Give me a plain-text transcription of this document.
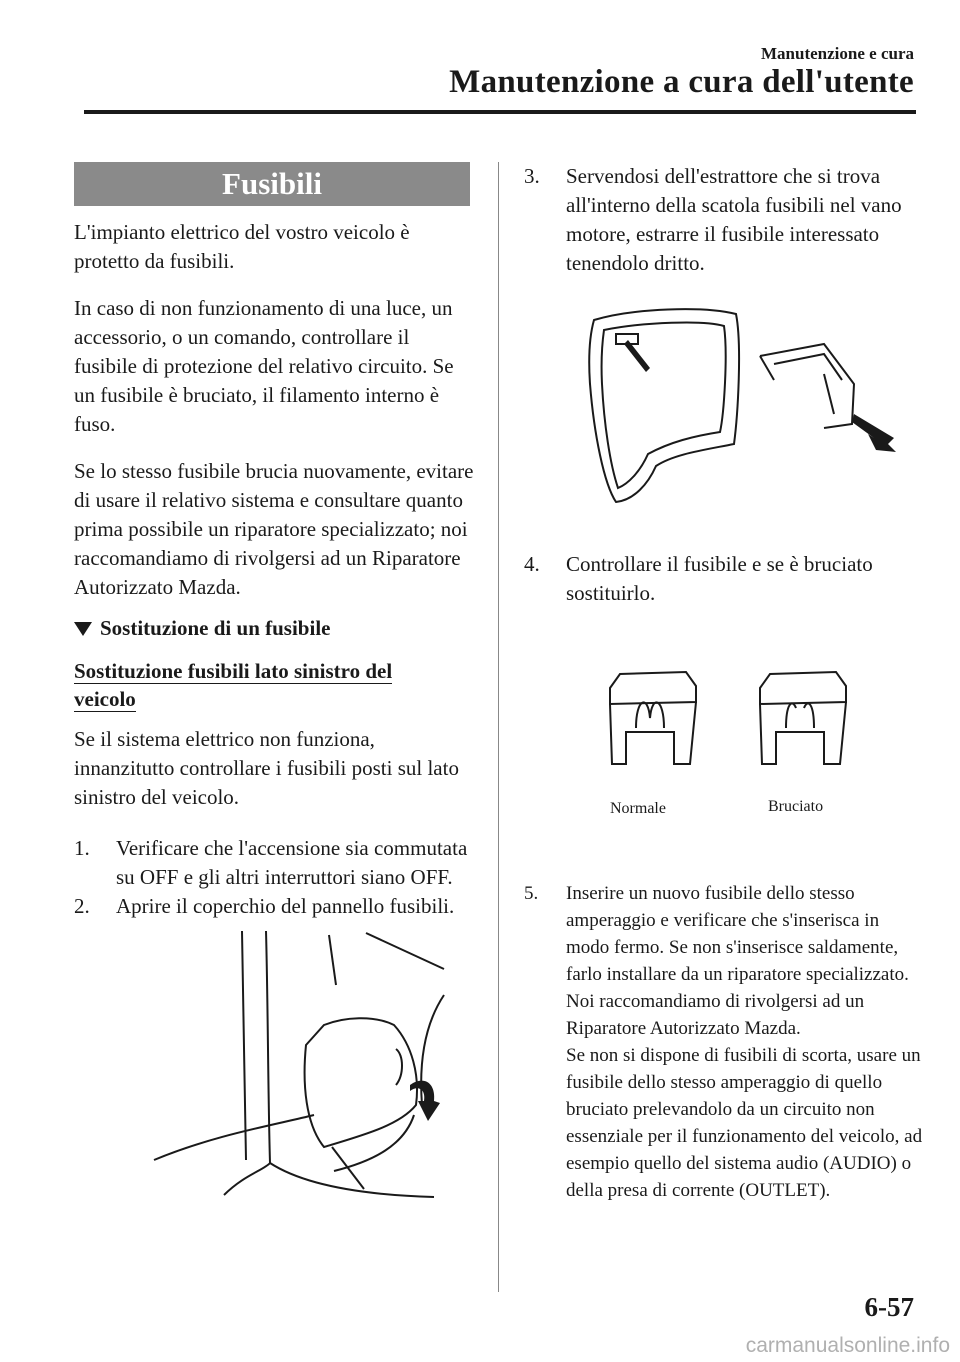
Manutenzione e cura
Manutenzione a cura dell'utente
Fusibili

L'impianto elettrico del vostro veicolo è protetto da fusibili.

In caso di non funzionamento di una luce, un accessorio, o un comando, controllare il fusibile di protezione del relativo circuito. Se un fusibile è bruciato, il filamento interno è fuso.

Se lo stesso fusibile brucia nuovamente, evitare di usare il relativo sistema e consultare quanto prima possibile un riparatore specializzato; noi raccomandiamo di rivolgersi ad un Riparatore Autorizzato Mazda.

Sostituzione di un fusibile
Sostituzione fusibili lato sinistro del veicolo

Se il sistema elettrico non funziona, innanzitutto controllare i fusibili posti sul lato sinistro del veicolo.

1.	Verificare che l'accensione sia commutata su OFF e gli altri interruttori siano OFF.
2.	Aprire il coperchio del pannello fusibili.
3.	Servendosi dell'estrattore che si trova all'interno della scatola fusibili nel vano motore, estrarre il fusibile interessato tenendolo dritto.
4.	Controllare il fusibile e se è bruciato sostituirlo.
Normale	Bruciato
5.	Inserire un nuovo fusibile dello stesso amperaggio e verificare che s'inserisca in modo fermo. Se non s'inserisce saldamente, farlo installare da un riparatore specializzato. Noi raccomandiamo di rivolgersi ad un Riparatore Autorizzato Mazda.
Se non si dispone di fusibili di scorta, usare un fusibile dello stesso amperaggio di quello bruciato prelevandolo da un circuito non essenziale per il funzionamento del veicolo, ad esempio quello del sistema audio (AUDIO) o della presa di corrente (OUTLET).
6-57
carmanualsonline.info
